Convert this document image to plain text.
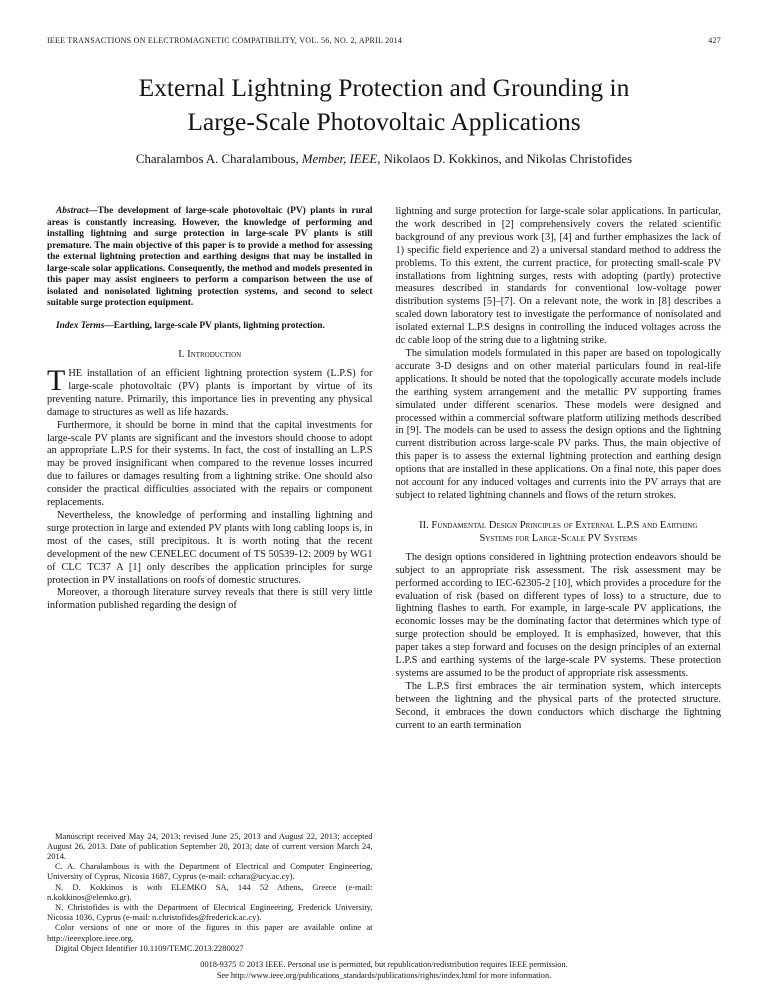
IEEE TRANSACTIONS ON ELECTROMAGNETIC COMPATIBILITY, VOL. 56, NO. 2, APRIL 2014	427
External Lightning Protection and Grounding in
Large-Scale Photovoltaic Applications
Charalambos A. Charalambous, Member, IEEE, Nikolaos D. Kokkinos, and Nikolas Christofides

Abstract—The development of large-scale photovoltaic (PV) plants in rural areas is constantly increasing. However, the knowledge of performing and installing lightning and surge protection in large-scale PV plants is still premature. The main objective of this paper is to provide a method for assessing the external lightning protection and earthing designs that may be installed in large-scale solar applications. Consequently, the method and models presented in this paper may assist engineers to perform a comparison between the use of isolated and nonisolated lightning protection systems, and second to select suitable surge protection equipment.

Index Terms—Earthing, large-scale PV plants, lightning protection.

I. Introduction

THE installation of an efficient lightning protection system (L.P.S) for large-scale photovoltaic (PV) plants is important by virtue of its preventing nature. Primarily, this importance lies in preventing any physical damage to structures as well as life hazards.

Furthermore, it should be borne in mind that the capital investments for large-scale PV plants are significant and the investors should choose to adopt an appropriate L.P.S for their systems. In fact, the cost of installing an L.P.S may be proved insignificant when compared to the revenue losses incurred due to failures or damages resulting from a lightning strike. One should also consider the practical difficulties associated with the repairs or component replacements.

Nevertheless, the knowledge of performing and installing lightning and surge protection in large and extended PV plants with long cabling loops is, in most of the cases, still precipitous. It is worth noting that the recent development of the new CENELEC document of TS 50539-12: 2009 by WG1 of CLC TC37 A [1] only describes the application principles for surge protection in PV installations on roofs of domestic structures.

Moreover, a thorough literature survey reveals that there is still very little information published regarding the design of

Manuscript received May 24, 2013; revised June 25, 2013 and August 22, 2013; accepted August 26, 2013. Date of publication September 20, 2013; date of current version March 24, 2014.

C. A. Charalambous is with the Department of Electrical and Computer Engineering, University of Cyprus, Nicosia 1687, Cyprus (e-mail: cchara@ucy.ac.cy).

N. D. Kokkinos is with ELEMKO SA, 144 52 Athens, Greece (e-mail: n.kokkinos@elemko.gr).

N. Christofides is with the Department of Electrical Engineering, Frederick University, Nicosia 1036, Cyprus (e-mail: n.christofides@frederick.ac.cy).

Color versions of one or more of the figures in this paper are available online at http://ieeexplore.ieee.org.

Digital Object Identifier 10.1109/TEMC.2013.2280027

lightning and surge protection for large-scale solar applications. In particular, the work described in [2] comprehensively covers the related scientific background of any previous work [3], [4] and further emphasizes the lack of 1) specific field experience and 2) a universal standard method to address the problems. To this extent, the current practice, for protecting small-scale PV installations from lightning surges, rests with adopting (partly) protective measures described in standards for conventional low-voltage power distribution systems [5]–[7]. On a relevant note, the work in [8] describes a scaled down laboratory test to investigate the performance of nonisolated and isolated external L.P.S designs in controlling the induced voltages across the dc cable loop of the string due to a lightning strike.

The simulation models formulated in this paper are based on topologically accurate 3-D designs and on other material particulars found in real-life applications. It should be noted that the topologically accurate models include the earthing system arrangement and the metallic PV supporting frames simulated under different scenarios. These models were designed and processed within a commercial software platform utilizing methods described in [9]. The models can be used to assess the design options and the lightning current distribution across large-scale PV parks. Thus, the main objective of this paper is to assess the external lightning protection and earthing design options that are installed in these applications. On a final note, this paper does not account for any induced voltages and currents into the PV arrays that are subject to related lightning channels and flows of the return strokes.

II. Fundamental Design Principles of External L.P.S and Earthing Systems for Large-Scale PV Systems

The design options considered in lightning protection endeavors should be subject to an appropriate risk assessment. The risk assessment may be performed according to IEC-62305-2 [10], which provides a procedure for the evaluation of risk (based on different types of loss) to a structure, due to lightning flashes to earth. For example, in large-scale PV applications, the economic losses may be the dominating factor that determines which type of surge protection should be employed. It is emphasized, however, that this paper takes a step forward and focuses on the design principles of an external L.P.S and earthing systems of the large-scale PV systems. These protection systems are assumed to be the product of appropriate risk assessments.

The L.P.S first embraces the air termination system, which intercepts between the lightning and the physical parts of the protected structure. Second, it embraces the down conductors which discharge the lightning current to an earth termination

0018-9375 © 2013 IEEE. Personal use is permitted, but republication/redistribution requires IEEE permission.
See http://www.ieee.org/publications_standards/publications/rights/index.html for more information.
